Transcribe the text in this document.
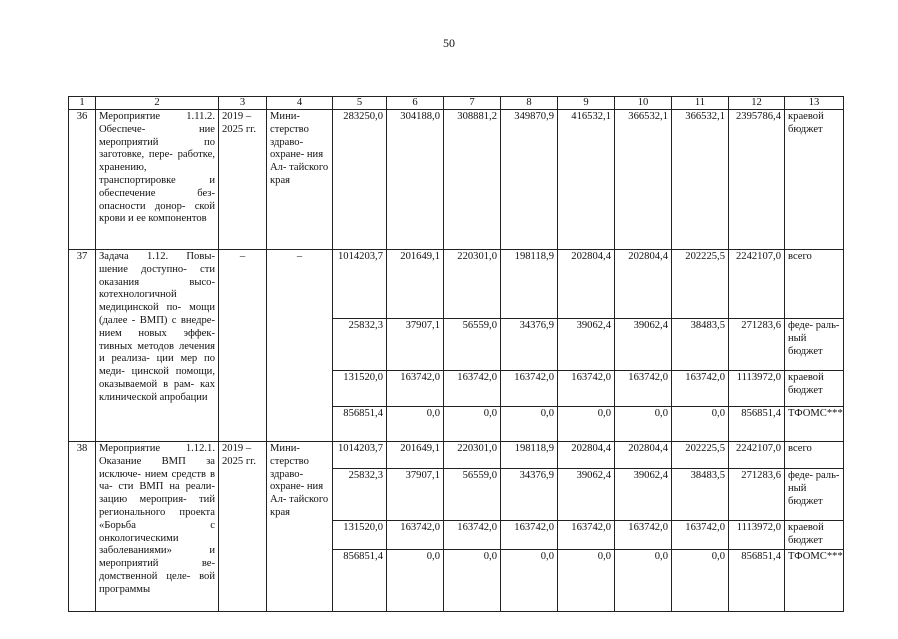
50
1	2	3	4	5	6	7	8	9	10	11	12	13
36	Мероприятие 1.11.2. Обеспече- ние мероприятий по заготовке, пере- работке, хранению, транспортировке и обеспечение без- опасности донор- ской крови и ее компонентов	2019 – 2025 гг.	Мини- стерство здраво- охране- ния Ал- тайского края	283250,0	304188,0	308881,2	349870,9	416532,1	366532,1	366532,1	2395786,4	краевой бюджет
37	Задача 1.12. Повы- шение доступно- сти оказания высо- котехнологичной медицинской по- мощи (далее - ВМП) с внедре- нием новых эффек- тивных методов лечения и реализа- ции мер по меди- цинской помощи, оказываемой в рам- ках клинической апробации	–	–	1014203,7	201649,1	220301,0	198118,9	202804,4	202804,4	202225,5	2242107,0	всего
				25832,3	37907,1	56559,0	34376,9	39062,4	39062,4	38483,5	271283,6	феде- раль- ный бюджет
				131520,0	163742,0	163742,0	163742,0	163742,0	163742,0	163742,0	1113972,0	краевой бюджет
				856851,4	0,0	0,0	0,0	0,0	0,0	0,0	856851,4	ТФОМС***
38	Мероприятие 1.12.1. Оказание ВМП за исключе- нием средств в ча- сти ВМП на реали- зацию мероприя- тий регионального проекта «Борьба с онкологическими заболеваниями» и мероприятий ве- домственной целе- вой программы	2019 – 2025 гг.	Мини- стерство здраво- охране- ния Ал- тайского края	1014203,7	201649,1	220301,0	198118,9	202804,4	202804,4	202225,5	2242107,0	всего
				25832,3	37907,1	56559,0	34376,9	39062,4	39062,4	38483,5	271283,6	феде- раль- ный бюджет
				131520,0	163742,0	163742,0	163742,0	163742,0	163742,0	163742,0	1113972,0	краевой бюджет
				856851,4	0,0	0,0	0,0	0,0	0,0	0,0	856851,4	ТФОМС***
